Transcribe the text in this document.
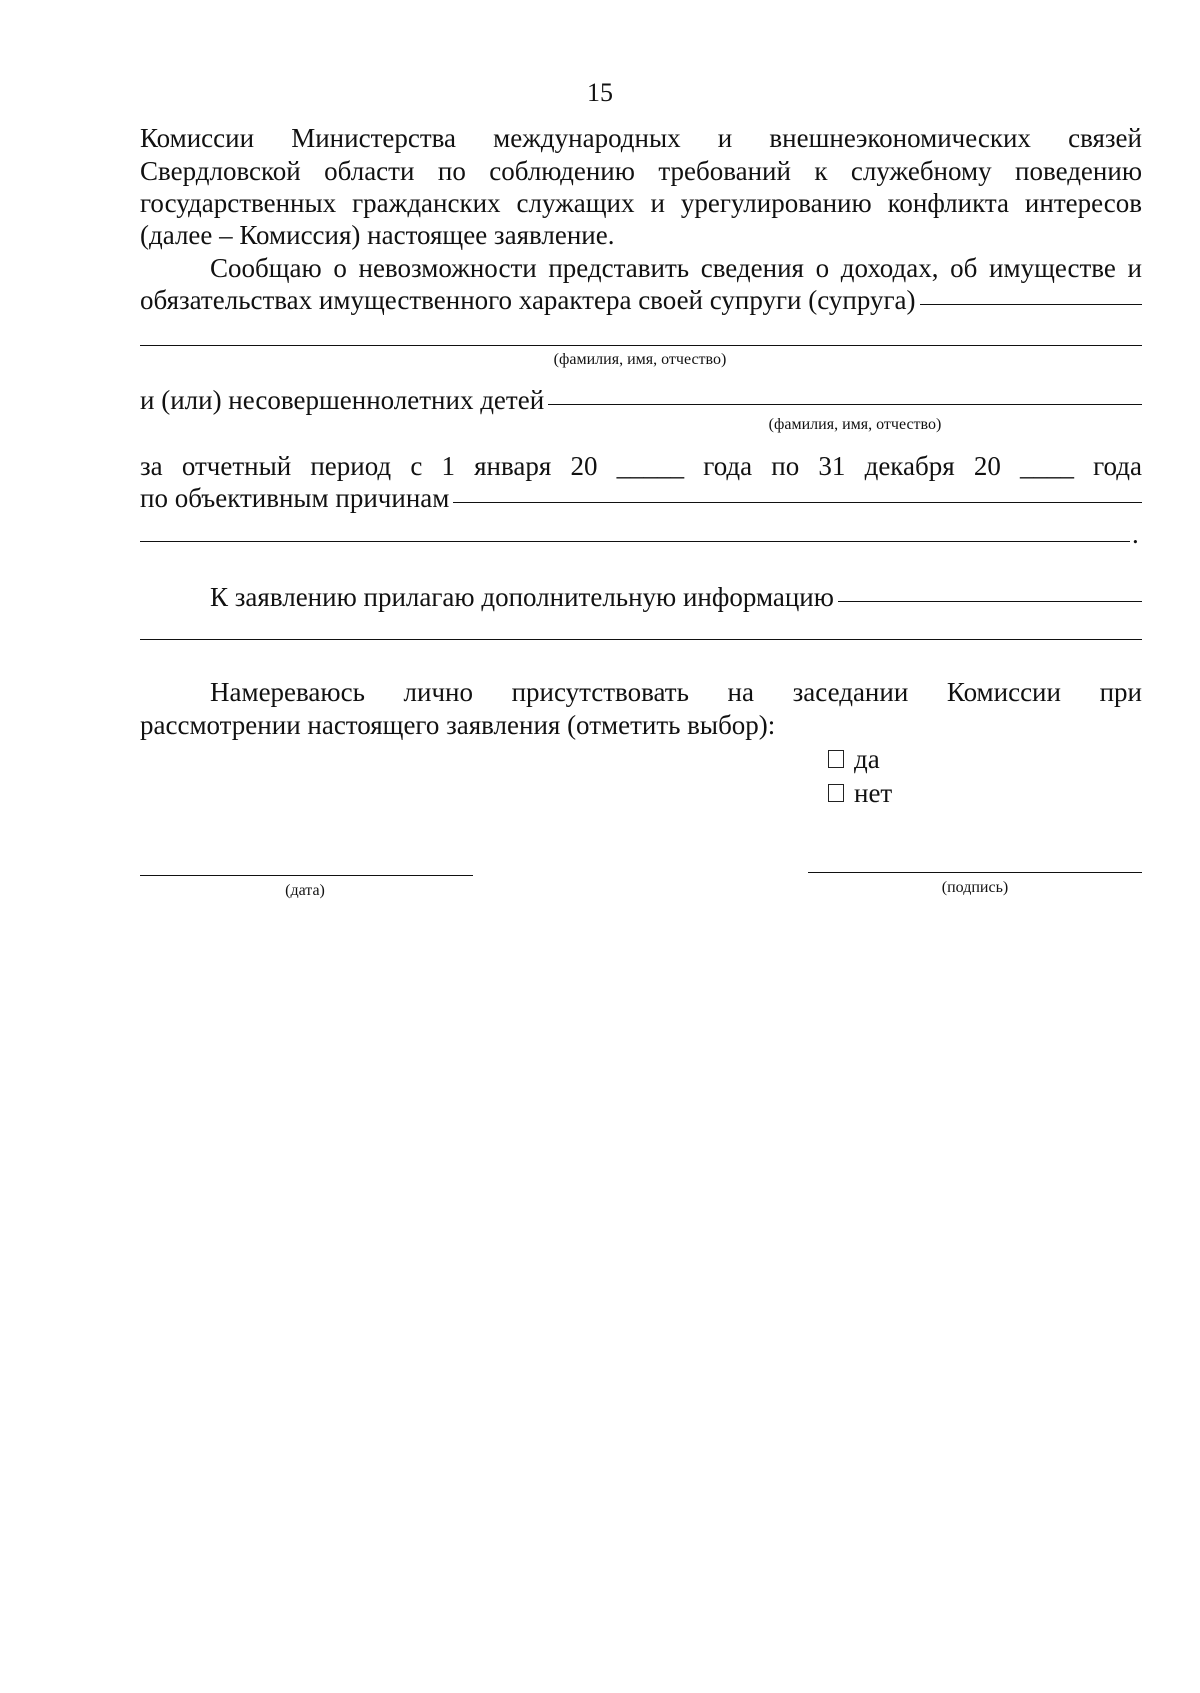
15
Комиссии Министерства международных и внешнеэкономических связей
Свердловской области по соблюдению требований к служебному поведению
государственных гражданских служащих и урегулированию конфликта интересов
(далее – Комиссия) настоящее заявление.
Сообщаю о невозможности представить сведения о доходах, об имуществе и
обязательствах имущественного характера своей супруги (супруга)
(фамилия, имя, отчество)
и (или) несовершеннолетних детей
(фамилия, имя, отчество)
за отчетный период с 1 января 20 _____ года по 31 декабря 20 ____ года
по объективным причинам
.
К заявлению прилагаю дополнительную информацию
Намереваюсь лично присутствовать на заседании Комиссии при
рассмотрении настоящего заявления (отметить выбор):
да
нет
(дата)	(подпись)
